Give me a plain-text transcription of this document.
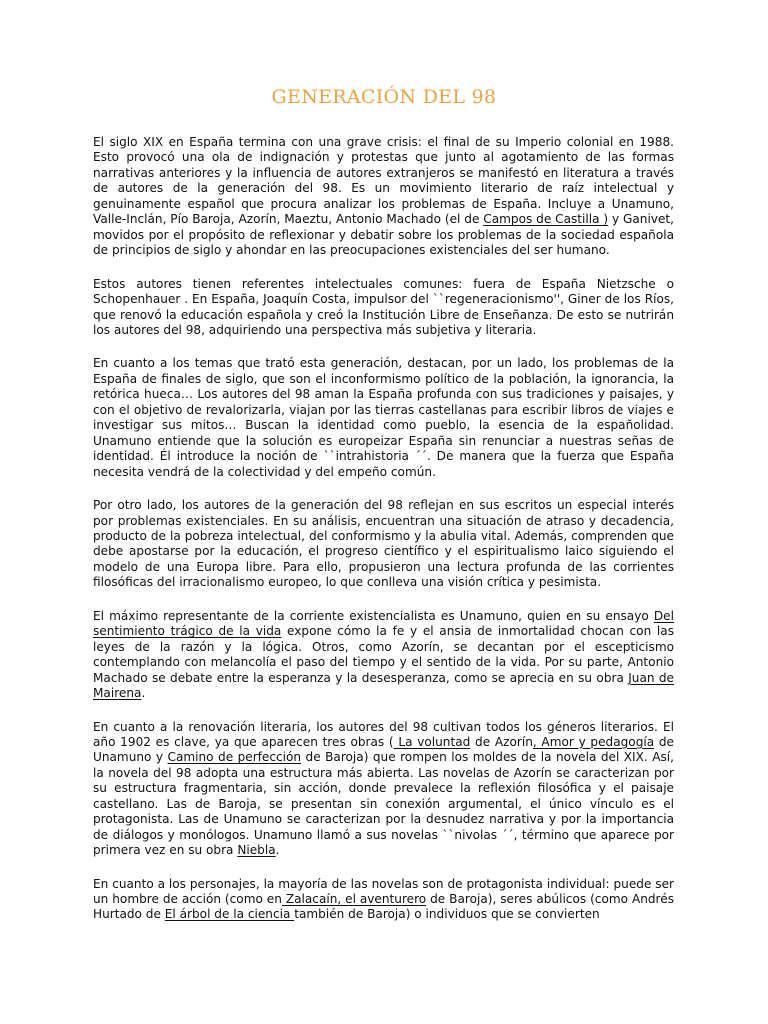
GENERACIÓN DEL 98

El siglo XIX en España termina con una grave crisis: el final de su Imperio colonial en 1988. Esto provocó una ola de indignación y protestas que junto al agotamiento de las formas narrativas anteriores y la influencia de autores extranjeros se manifestó en literatura a través de autores de la generación del 98. Es un movimiento literario de raíz intelectual y genuinamente español que procura analizar los problemas de España. Incluye a Unamuno, Valle-Inclán, Pío Baroja, Azorín, Maeztu, Antonio Machado (el de Campos de Castilla ) y Ganivet, movidos por el propósito de reflexionar y debatir sobre los problemas de la sociedad española de principios de siglo y ahondar en las preocupaciones existenciales del ser humano.

Estos autores tienen referentes intelectuales comunes: fuera de España Nietzsche o Schopenhauer . En España, Joaquín Costa, impulsor del ``regeneracionismo'', Giner de los Ríos, que renovó la educación española y creó la Institución Libre de Enseñanza. De esto se nutrirán los autores del 98, adquiriendo una perspectiva más subjetiva y literaria.

En cuanto a los temas que trató esta generación, destacan, por un lado, los problemas de la España de finales de siglo, que son el inconformismo político de la población, la ignorancia, la retórica hueca… Los autores del 98 aman la España profunda con sus tradiciones y paisajes, y con el objetivo de revalorizarla, viajan por las tierras castellanas para escribir libros de viajes e investigar sus mitos… Buscan la identidad como pueblo, la esencia de la españolidad. Unamuno entiende que la solución es europeizar España sin renunciar a nuestras señas de identidad. Él introduce la noción de ``intrahistoria ´´. De manera que la fuerza que España necesita vendrá de la colectividad y del empeño común.

Por otro lado, los autores de la generación del 98 reflejan en sus escritos un especial interés por problemas existenciales. En su análisis, encuentran una situación de atraso y decadencia, producto de la pobreza intelectual, del conformismo y la abulia vital. Además, comprenden que debe apostarse por la educación, el progreso científico y el espiritualismo laico siguiendo el modelo de una Europa libre. Para ello, propusieron una lectura profunda de las corrientes filosóficas del irracionalismo europeo, lo que conlleva una visión crítica y pesimista.

El máximo representante de la corriente existencialista es Unamuno, quien en su ensayo Del sentimiento trágico de la vida expone cómo la fe y el ansia de inmortalidad chocan con las leyes de la razón y la lógica. Otros, como Azorín, se decantan por el escepticismo contemplando con melancolía el paso del tiempo y el sentido de la vida. Por su parte, Antonio Machado se debate entre la esperanza y la desesperanza, como se aprecia en su obra Juan de Mairena.

En cuanto a la renovación literaria, los autores del 98 cultivan todos los géneros literarios. El año 1902 es clave, ya que aparecen tres obras ( La voluntad de Azorín, Amor y pedagogía de Unamuno y Camino de perfección de Baroja) que rompen los moldes de la novela del XIX. Así, la novela del 98 adopta una estructura más abierta. Las novelas de Azorín se caracterizan por su estructura fragmentaria, sin acción, donde prevalece la reflexión filosófica y el paisaje castellano. Las de Baroja, se presentan sin conexión argumental, el único vínculo es el protagonista. Las de Unamuno se caracterizan por la desnudez narrativa y por la importancia de diálogos y monólogos. Unamuno llamó a sus novelas ``nivolas ´´, término que aparece por primera vez en su obra Niebla.

En cuanto a los personajes, la mayoría de las novelas son de protagonista individual: puede ser un hombre de acción (como en Zalacaín, el aventurero de Baroja), seres abúlicos (como Andrés Hurtado de El árbol de la ciencia también de Baroja) o individuos que se convierten
